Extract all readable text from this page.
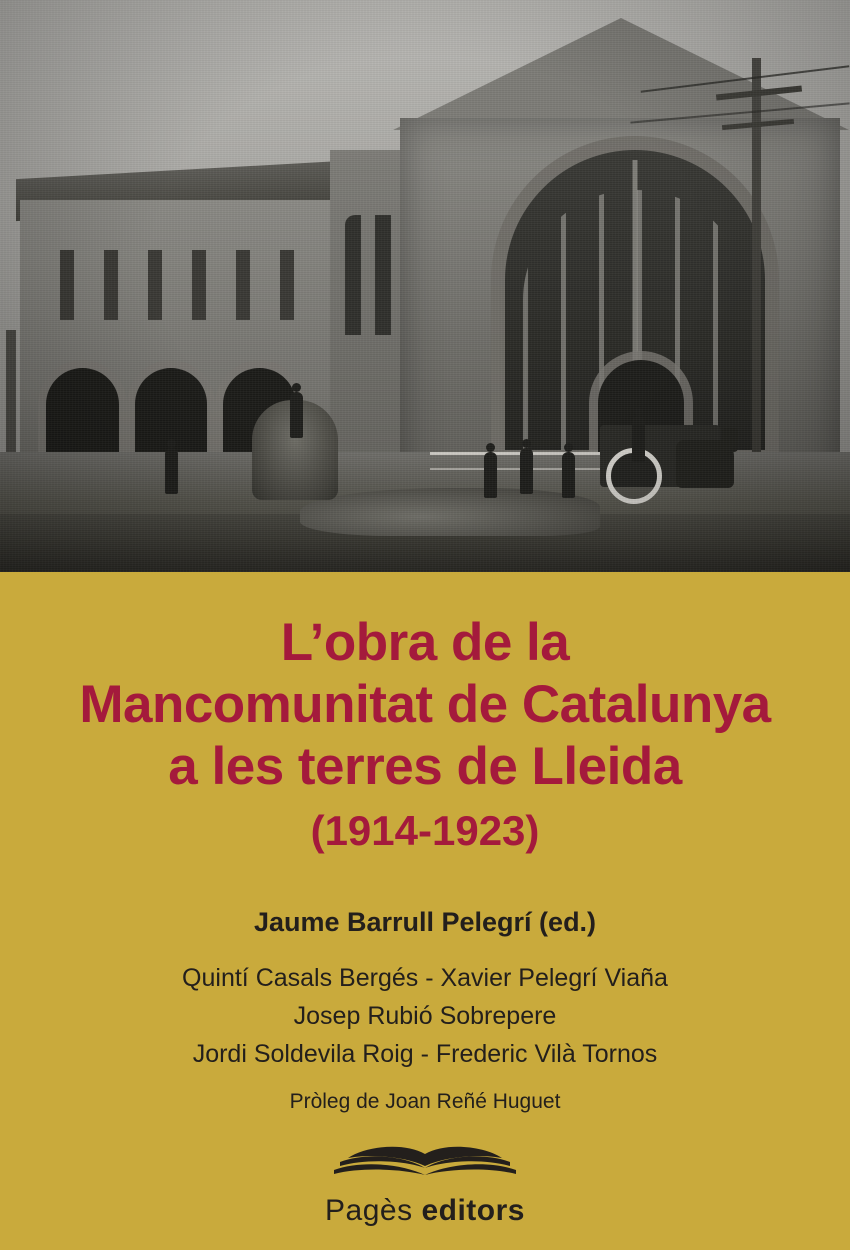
L’obra de la
Mancomunitat de Catalunya
a les terres de Lleida
(1914-1923)
Jaume Barrull Pelegrí (ed.)
Quintí Casals Bergés - Xavier Pelegrí Viaña
Josep Rubió Sobrepere
Jordi Soldevila Roig - Frederic Vilà Tornos
Pròleg de Joan Reñé Huguet
Pagès editors
